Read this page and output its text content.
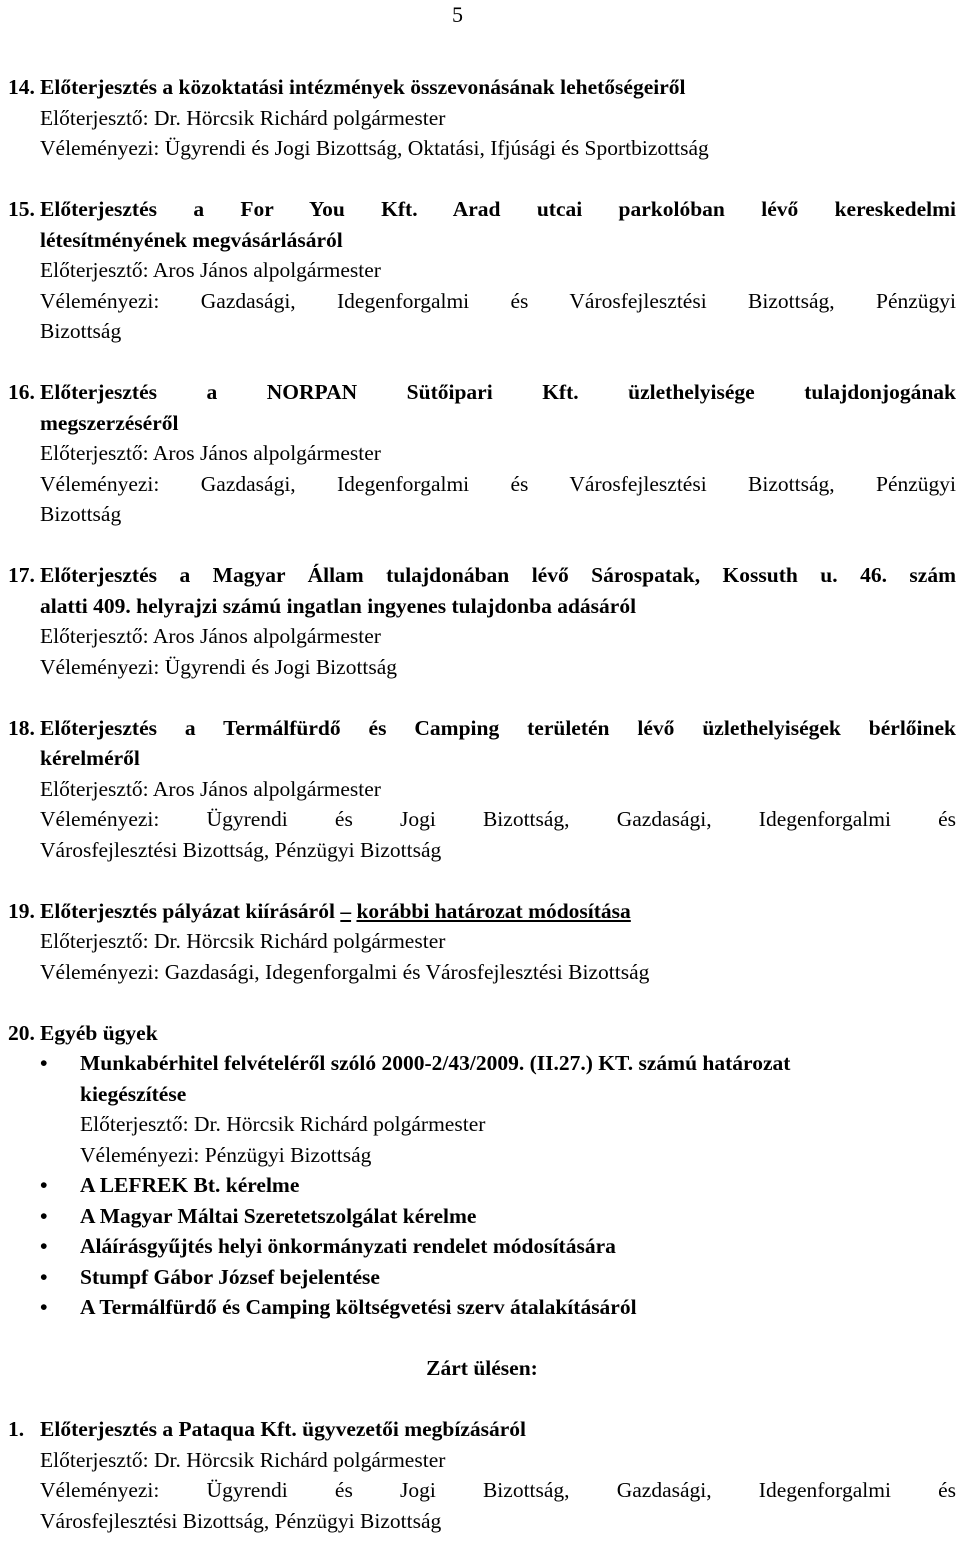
5
14. Előterjesztés a közoktatási intézmények összevonásának lehetőségeiről
Előterjesztő: Dr. Hörcsik Richárd polgármester
Véleményezi: Ügyrendi és Jogi Bizottság, Oktatási, Ifjúsági és Sportbizottság
15. Előterjesztés a For You Kft. Arad utcai parkolóban lévő kereskedelmi
létesítményének megvásárlásáról
Előterjesztő: Aros János alpolgármester
Véleményezi: Gazdasági, Idegenforgalmi és Városfejlesztési Bizottság, Pénzügyi
Bizottság
16. Előterjesztés a NORPAN Sütőipari Kft. üzlethelyisége tulajdonjogának
megszerzéséről
Előterjesztő: Aros János alpolgármester
Véleményezi: Gazdasági, Idegenforgalmi és Városfejlesztési Bizottság, Pénzügyi
Bizottság
17. Előterjesztés a Magyar Állam tulajdonában lévő Sárospatak, Kossuth u. 46. szám
alatti 409. helyrajzi számú ingatlan ingyenes tulajdonba adásáról
Előterjesztő: Aros János alpolgármester
Véleményezi: Ügyrendi és Jogi Bizottság
18. Előterjesztés a Termálfürdő és Camping területén lévő üzlethelyiségek bérlőinek
kérelméről
Előterjesztő: Aros János alpolgármester
Véleményezi: Ügyrendi és Jogi Bizottság, Gazdasági, Idegenforgalmi és
Városfejlesztési Bizottság, Pénzügyi Bizottság
19. Előterjesztés pályázat kiírásáról – korábbi határozat módosítása
Előterjesztő: Dr. Hörcsik Richárd polgármester
Véleményezi: Gazdasági, Idegenforgalmi és Városfejlesztési Bizottság
20. Egyéb ügyek
•	Munkabérhitel felvételéről szóló 2000-2/43/2009. (II.27.) KT. számú határozat
kiegészítése
Előterjesztő: Dr. Hörcsik Richárd polgármester
Véleményezi: Pénzügyi Bizottság
•	A LEFREK Bt. kérelme
•	A Magyar Máltai Szeretetszolgálat kérelme
•	Aláírásgyűjtés helyi önkormányzati rendelet módosítására
•	Stumpf Gábor József bejelentése
•	A Termálfürdő és Camping költségvetési szerv átalakításáról
Zárt ülésen:
1. Előterjesztés a Pataqua Kft. ügyvezetői megbízásáról
Előterjesztő: Dr. Hörcsik Richárd polgármester
Véleményezi: Ügyrendi és Jogi Bizottság, Gazdasági, Idegenforgalmi és
Városfejlesztési Bizottság, Pénzügyi Bizottság
